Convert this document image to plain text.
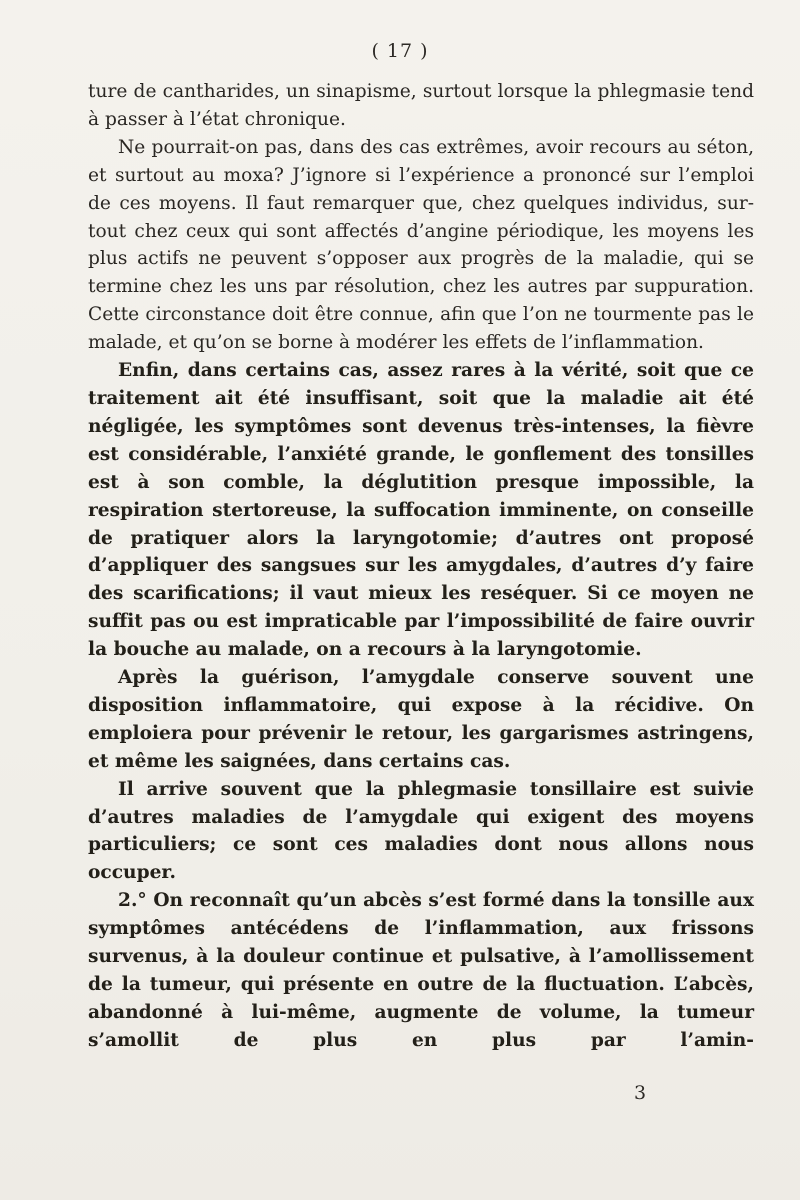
( 17 )

ture de cantharides, un sinapisme, surtout lorsque la phlegmasie tend à passer à l’état chronique.

Ne pourrait-on pas, dans des cas extrêmes, avoir recours au séton, et surtout au moxa? J’ignore si l’expérience a prononcé sur l’emploi de ces moyens. Il faut remarquer que, chez quelques individus, sur-tout chez ceux qui sont affectés d’angine périodique, les moyens les plus actifs ne peuvent s’opposer aux progrès de la maladie, qui se termine chez les uns par résolution, chez les autres par suppuration. Cette circonstance doit être connue, afin que l’on ne tourmente pas le malade, et qu’on se borne à modérer les effets de l’inflammation.

Enfin, dans certains cas, assez rares à la vérité, soit que ce traitement ait été insuffisant, soit que la maladie ait été négligée, les symptômes sont devenus très-intenses, la fièvre est considérable, l’anxiété grande, le gonflement des tonsilles est à son comble, la déglutition presque impossible, la respiration stertoreuse, la suffocation imminente, on conseille de pratiquer alors la laryngotomie; d’autres ont proposé d’appliquer des sangsues sur les amygdales, d’autres d’y faire des scarifications; il vaut mieux les reséquer. Si ce moyen ne suffit pas ou est impraticable par l’impossibilité de faire ouvrir la bouche au malade, on a recours à la laryngotomie.

Après la guérison, l’amygdale conserve souvent une disposition inflammatoire, qui expose à la récidive. On emploiera pour prévenir le retour, les gargarismes astringens, et même les saignées, dans certains cas.

Il arrive souvent que la phlegmasie tonsillaire est suivie d’autres maladies de l’amygdale qui exigent des moyens particuliers; ce sont ces maladies dont nous allons nous occuper.

2.° On reconnaît qu’un abcès s’est formé dans la tonsille aux symptômes antécédens de l’inflammation, aux frissons survenus, à la douleur continue et pulsative, à l’amollissement de la tumeur, qui présente en outre de la fluctuation. L’abcès, abandonné à lui-même, augmente de volume, la tumeur s’amollit de plus en plus par l’amin-

3
